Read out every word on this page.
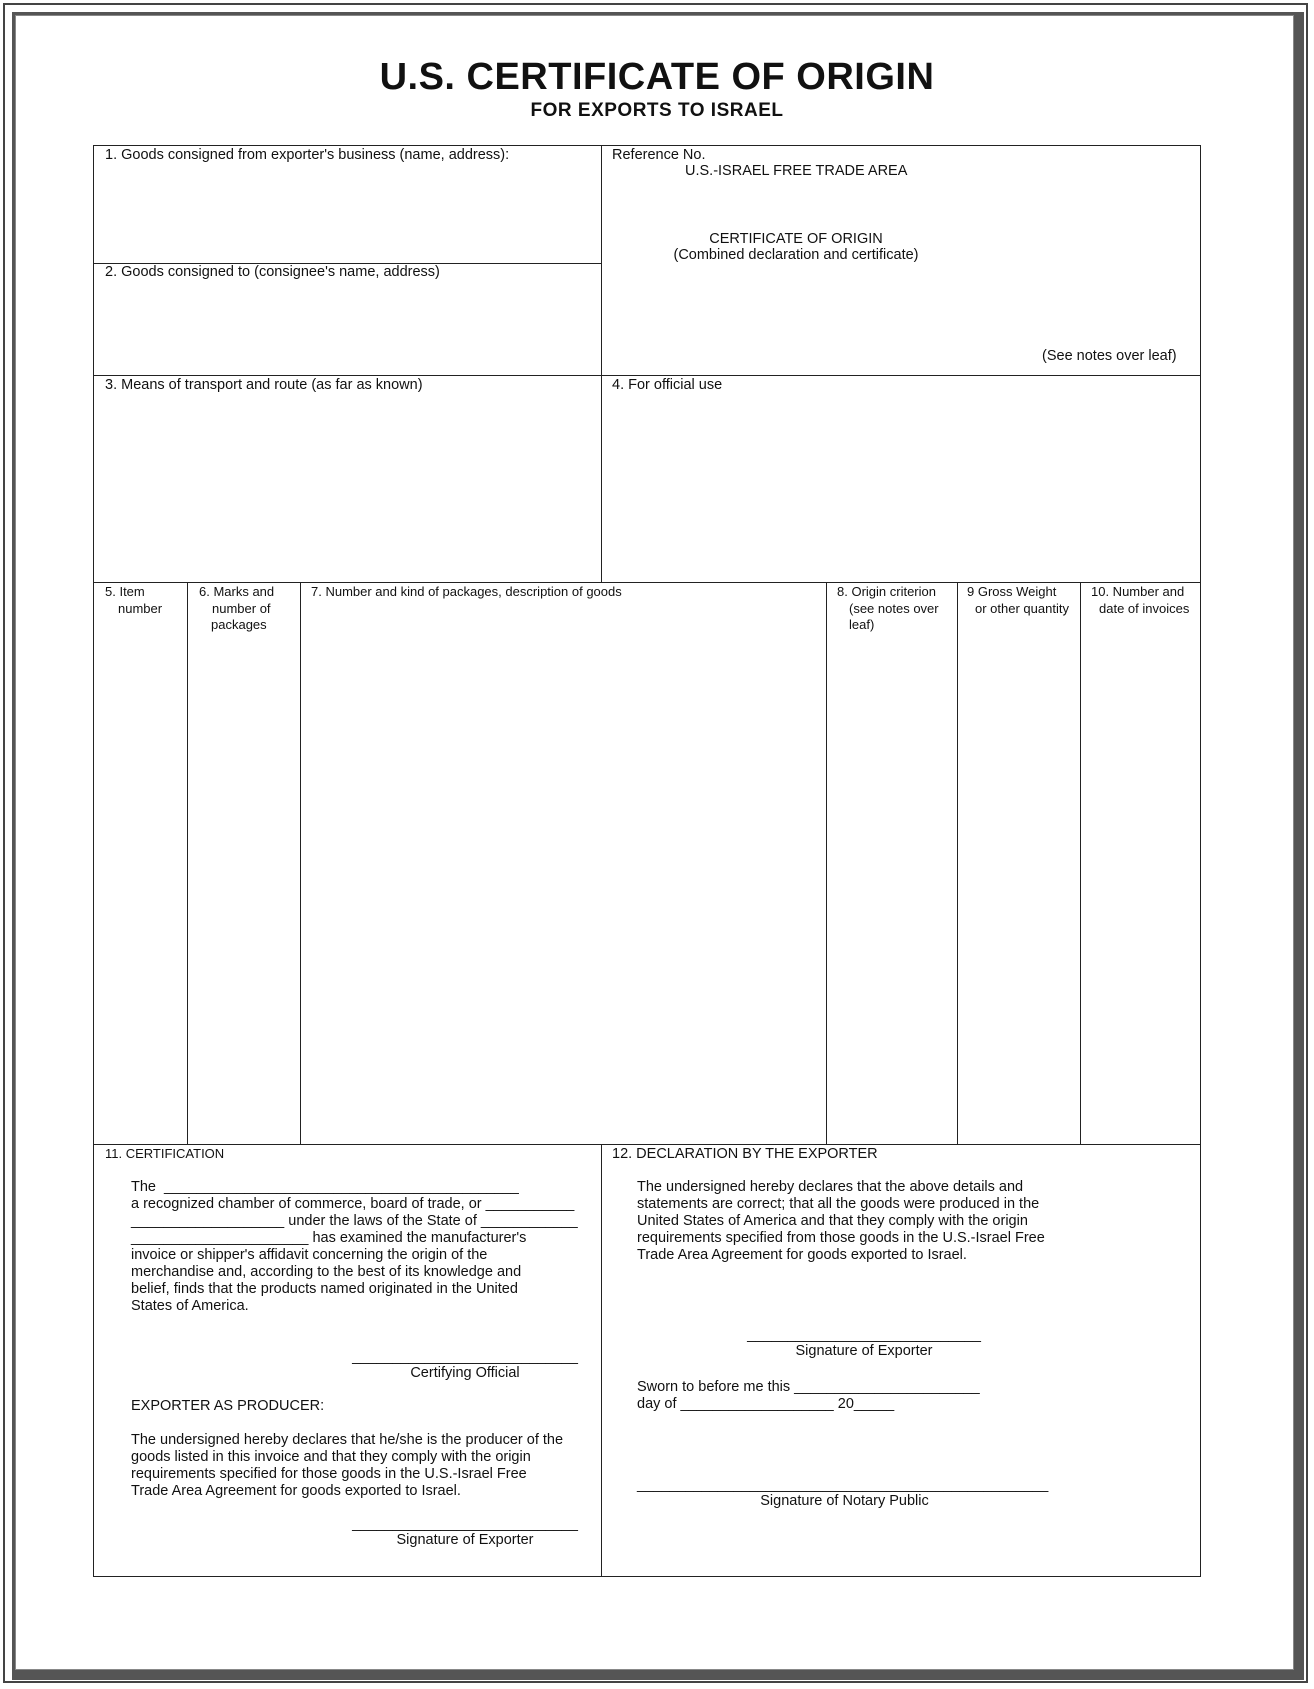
U.S. CERTIFICATE OF ORIGIN
FOR EXPORTS TO ISRAEL
1. Goods consigned from exporter's business (name, address):
2. Goods consigned to (consignee's name, address)
Reference No.
U.S.-ISRAEL FREE TRADE AREA
CERTIFICATE OF ORIGIN
(Combined declaration and certificate)
(See notes over leaf)
3. Means of transport and route (as far as known)	4. For official use
5. Item
number
6. Marks and
number of
packages
7. Number and kind of packages, description of goods	8. Origin criterion
(see notes over
leaf)
9 Gross Weight
or other quantity
10. Number and
date of invoices
11. CERTIFICATION
The  ____________________________________________
a recognized chamber of commerce, board of trade, or ___________
___________________ under the laws of the State of ____________
______________________ has examined the manufacturer's
invoice or shipper's affidavit concerning the origin of the
merchandise and, according to the best of its knowledge and
belief, finds that the products named originated in the United
States of America.
____________________________
Certifying Official
EXPORTER AS PRODUCER:
The undersigned hereby declares that he/she is the producer of the
goods listed in this invoice and that they comply with the origin
requirements specified for those goods in the U.S.-Israel Free
Trade Area Agreement for goods exported to Israel.
____________________________
Signature of Exporter
12. DECLARATION BY THE EXPORTER
The undersigned hereby declares that the above details and
statements are correct; that all the goods were produced in the
United States of America and that they comply with the origin
requirements specified from those goods in the U.S.-Israel Free
Trade Area Agreement for goods exported to Israel.
_____________________________
Signature of Exporter
Sworn to before me this _______________________
day of ___________________ 20_____
___________________________________________________
Signature of Notary Public
